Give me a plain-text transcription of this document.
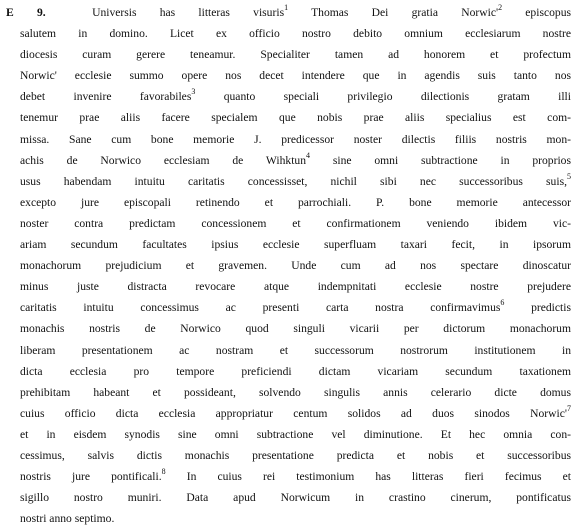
E 9.	Universis has litteras visuris$^1$ Thomas Dei gratia $Norwic'^2$ episcopus
salutem in domino. Licet ex officio nostro debito omnium ecclesiarum nostre
diocesis curam gerere teneamur. Specialiter tamen ad honorem et profectum
Norwic' ecclesie summo opere nos decet intendere que in agendis suis tanto nos
debet invenire favorabiles$^3$ quanto speciali privilegio dilectionis gratam illi
tenemur prae aliis facere specialem que nobis prae aliis specialius est com-
missa. Sane cum bone memorie J. predicessor noster dilectis filiis nostris mon-
achis de Norwico ecclesiam de Wihktun$^4$ sine omni subtractione in proprios
usus habendam intuitu caritatis concessisset, nichil sibi nec successoribus suis,$^5$
excepto jure episcopali retinendo et parrochiali. P. bone memorie antecessor
noster contra predictam concessionem et confirmationem veniendo ibidem vic-
ariam secundum facultates ipsius ecclesie superfluam taxari fecit, in ipsorum
monachorum prejudicium et gravemen. Unde cum ad nos spectare dinoscatur
minus juste distracta revocare atque indempnitati ecclesie nostre prejudere
caritatis intuitu concessimus ac presenti carta nostra confirmavimus$^6$ predictis
monachis nostris de Norwico quod singuli vicarii per dictorum monachorum
liberam presentationem ac nostram et successorum nostrorum institutionem in
dicta ecclesia pro tempore preficiendi dictam vicariam secundum taxationem
prehibitam habeant et possideant, solvendo singulis annis celerario dicte domus
cuius officio dicta ecclesia appropriatur centum solidos ad duos sinodos $Norwic'^7$
et in eisdem synodis sine omni subtractione vel diminutione. Et hec omnia con-
cessimus, salvis dictis monachis presentatione predicta et nobis et successoribus
nostris jure pontificali.$^8$ In cuius rei testimonium has litteras fieri fecimus et
sigillo nostro muniri. Data apud Norwicum in crastino cinerum, pontificatus
nostri anno septimo.
